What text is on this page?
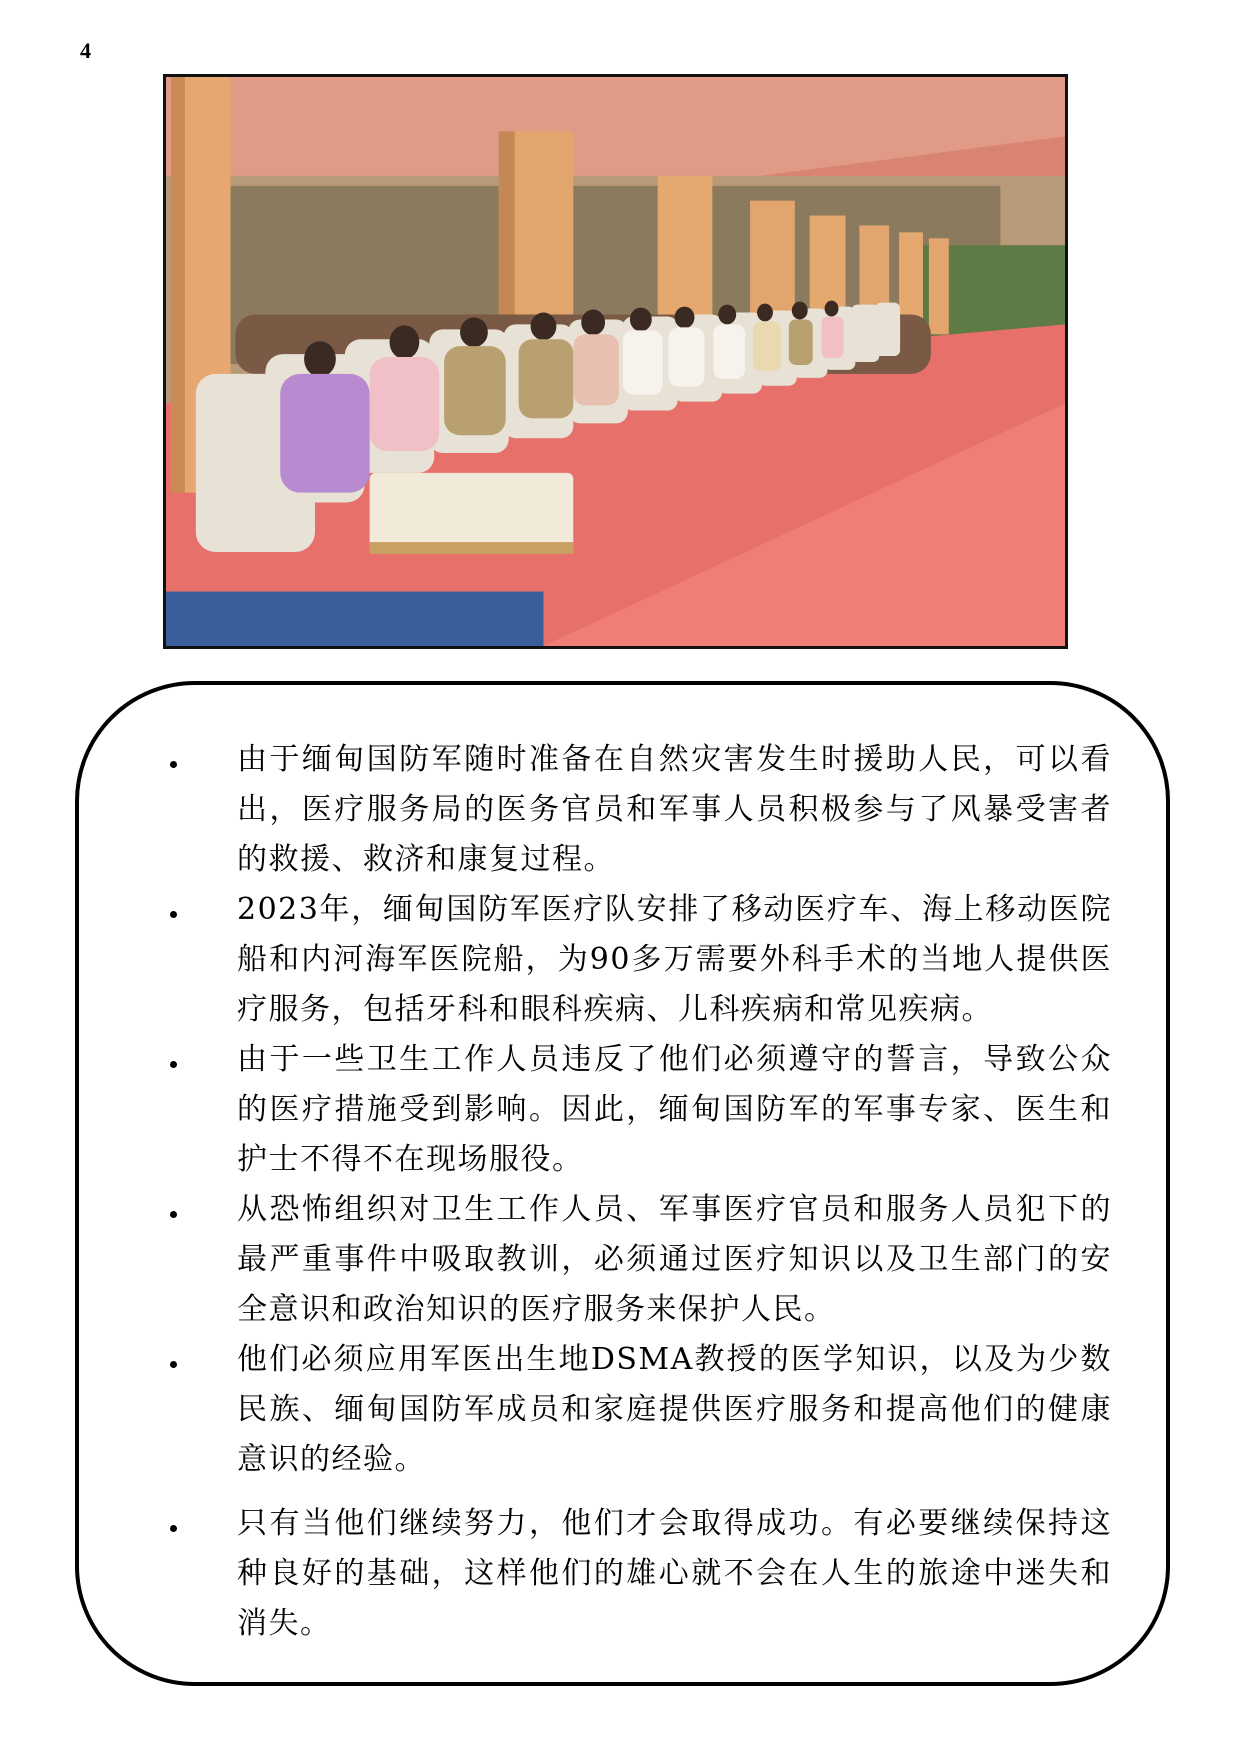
4
由于缅甸国防军随时准备在自然灾害发生时援助人民，可以看出，医疗服务局的医务官员和军事人员积极参与了风暴受害者的救援、救济和康复过程。
2023年，缅甸国防军医疗队安排了移动医疗车、海上移动医院船和内河海军医院船，为90多万需要外科手术的当地人提供医疗服务，包括牙科和眼科疾病、儿科疾病和常见疾病。
由于一些卫生工作人员违反了他们必须遵守的誓言，导致公众的医疗措施受到影响。因此，缅甸国防军的军事专家、医生和护士不得不在现场服役。
从恐怖组织对卫生工作人员、军事医疗官员和服务人员犯下的最严重事件中吸取教训，必须通过医疗知识以及卫生部门的安全意识和政治知识的医疗服务来保护人民。
他们必须应用军医出生地DSMA教授的医学知识，以及为少数民族、缅甸国防军成员和家庭提供医疗服务和提高他们的健康意识的经验。
只有当他们继续努力，他们才会取得成功。有必要继续保持这种良好的基础，这样他们的雄心就不会在人生的旅途中迷失和消失。
